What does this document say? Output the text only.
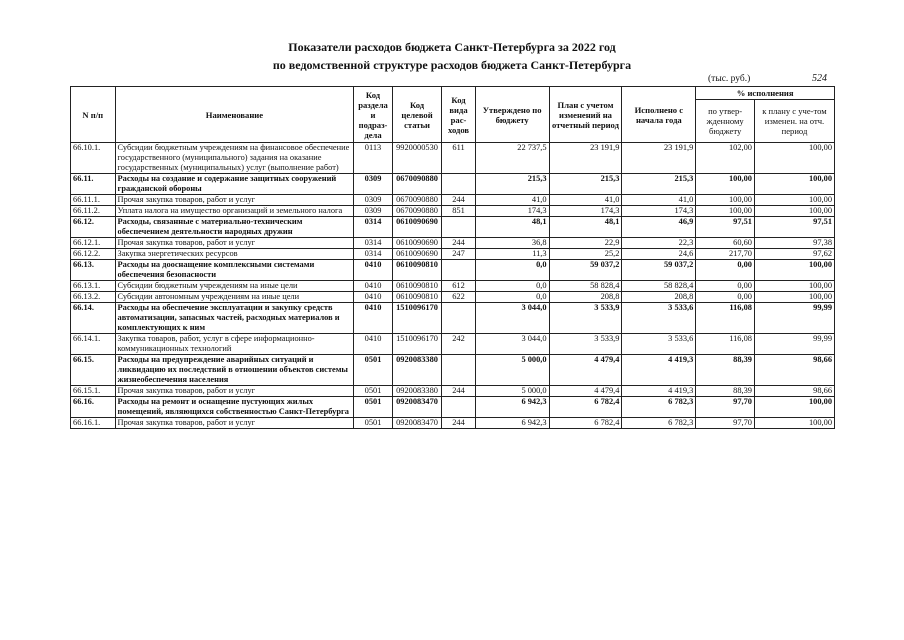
Показатели расходов бюджета Санкт-Петербурга за 2022 год
по ведомственной структуре расходов бюджета Санкт-Петербурга
(тыс. руб.)	524
N п/п	Наименование	Код раздела и подраз-дела	Код целевой статьи	Код вида рас-ходов	Утверждено по бюджету	План с учетом изменений на отчетный период	Исполнено с начала года	% исполнения	
								по утвер-жденному бюджету	к плану с уче-том изменен. на отч. период
66.10.1.	Субсидии бюджетным учреждениям на финансовое обеспечение государственного (муниципального) задания на оказание государственных (муниципальных) услуг (выполнение работ)	0113	9920000530	611	22 737,5	23 191,9	23 191,9	102,00	100,00
66.11.	Расходы на создание и содержание защитных сооружений гражданской обороны	0309	0670090880		215,3	215,3	215,3	100,00	100,00
66.11.1.	Прочая закупка товаров, работ и услуг	0309	0670090880	244	41,0	41,0	41,0	100,00	100,00
66.11.2.	Уплата налога на имущество организаций и земельного налога	0309	0670090880	851	174,3	174,3	174,3	100,00	100,00
66.12.	Расходы, связанные с материально-техническим обеспечением деятельности народных дружин	0314	0610090690		48,1	48,1	46,9	97,51	97,51
66.12.1.	Прочая закупка товаров, работ и услуг	0314	0610090690	244	36,8	22,9	22,3	60,60	97,38
66.12.2.	Закупка энергетических ресурсов	0314	0610090690	247	11,3	25,2	24,6	217,70	97,62
66.13.	Расходы на дооснащение комплексными системами обеспечения безопасности	0410	0610090810		0,0	59 037,2	59 037,2	0,00	100,00
66.13.1.	Субсидии бюджетным учреждениям на иные цели	0410	0610090810	612	0,0	58 828,4	58 828,4	0,00	100,00
66.13.2.	Субсидии автономным учреждениям на иные цели	0410	0610090810	622	0,0	208,8	208,8	0,00	100,00
66.14.	Расходы на обеспечение эксплуатации и закупку средств автоматизации, запасных частей, расходных материалов и комплектующих к ним	0410	1510096170		3 044,0	3 533,9	3 533,6	116,08	99,99
66.14.1.	Закупка товаров, работ, услуг в сфере информационно-коммуникационных технологий	0410	1510096170	242	3 044,0	3 533,9	3 533,6	116,08	99,99
66.15.	Расходы на предупреждение аварийных ситуаций и ликвидацию их последствий в отношении объектов системы жизнеобеспечения населения	0501	0920083380		5 000,0	4 479,4	4 419,3	88,39	98,66
66.15.1.	Прочая закупка товаров, работ и услуг	0501	0920083380	244	5 000,0	4 479,4	4 419,3	88,39	98,66
66.16.	Расходы на ремонт и оснащение пустующих жилых помещений, являющихся собственностью Санкт-Петербурга	0501	0920083470		6 942,3	6 782,4	6 782,3	97,70	100,00
66.16.1.	Прочая закупка товаров, работ и услуг	0501	0920083470	244	6 942,3	6 782,4	6 782,3	97,70	100,00
